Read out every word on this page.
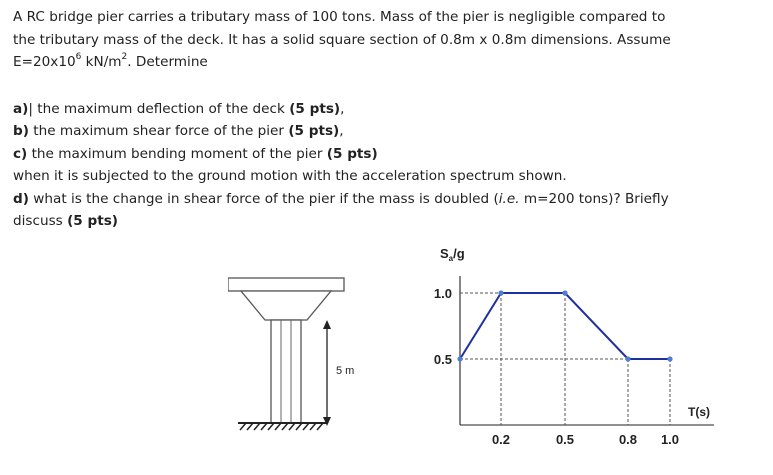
A RC bridge pier carries a tributary mass of 100 tons. Mass of the pier is negligible compared to

the tributary mass of the deck. It has a solid square section of 0.8m x 0.8m dimensions. Assume

$E=20x10^6$ $kN/m^2$. Determine

a)| the maximum deflection of the deck (5 pts),

b) the maximum shear force of the pier (5 pts),

c) the maximum bending moment of the pier (5 pts)

when it is subjected to the ground motion with the acceleration spectrum shown.

d) what is the change in shear force of the pier if the mass is doubled (i.e. m=200 tons)? Briefly

discuss (5 pts)

5 m
$S_a/g$
0.5
1.0
0.2	0.5	0.8 1.0
T(s)
